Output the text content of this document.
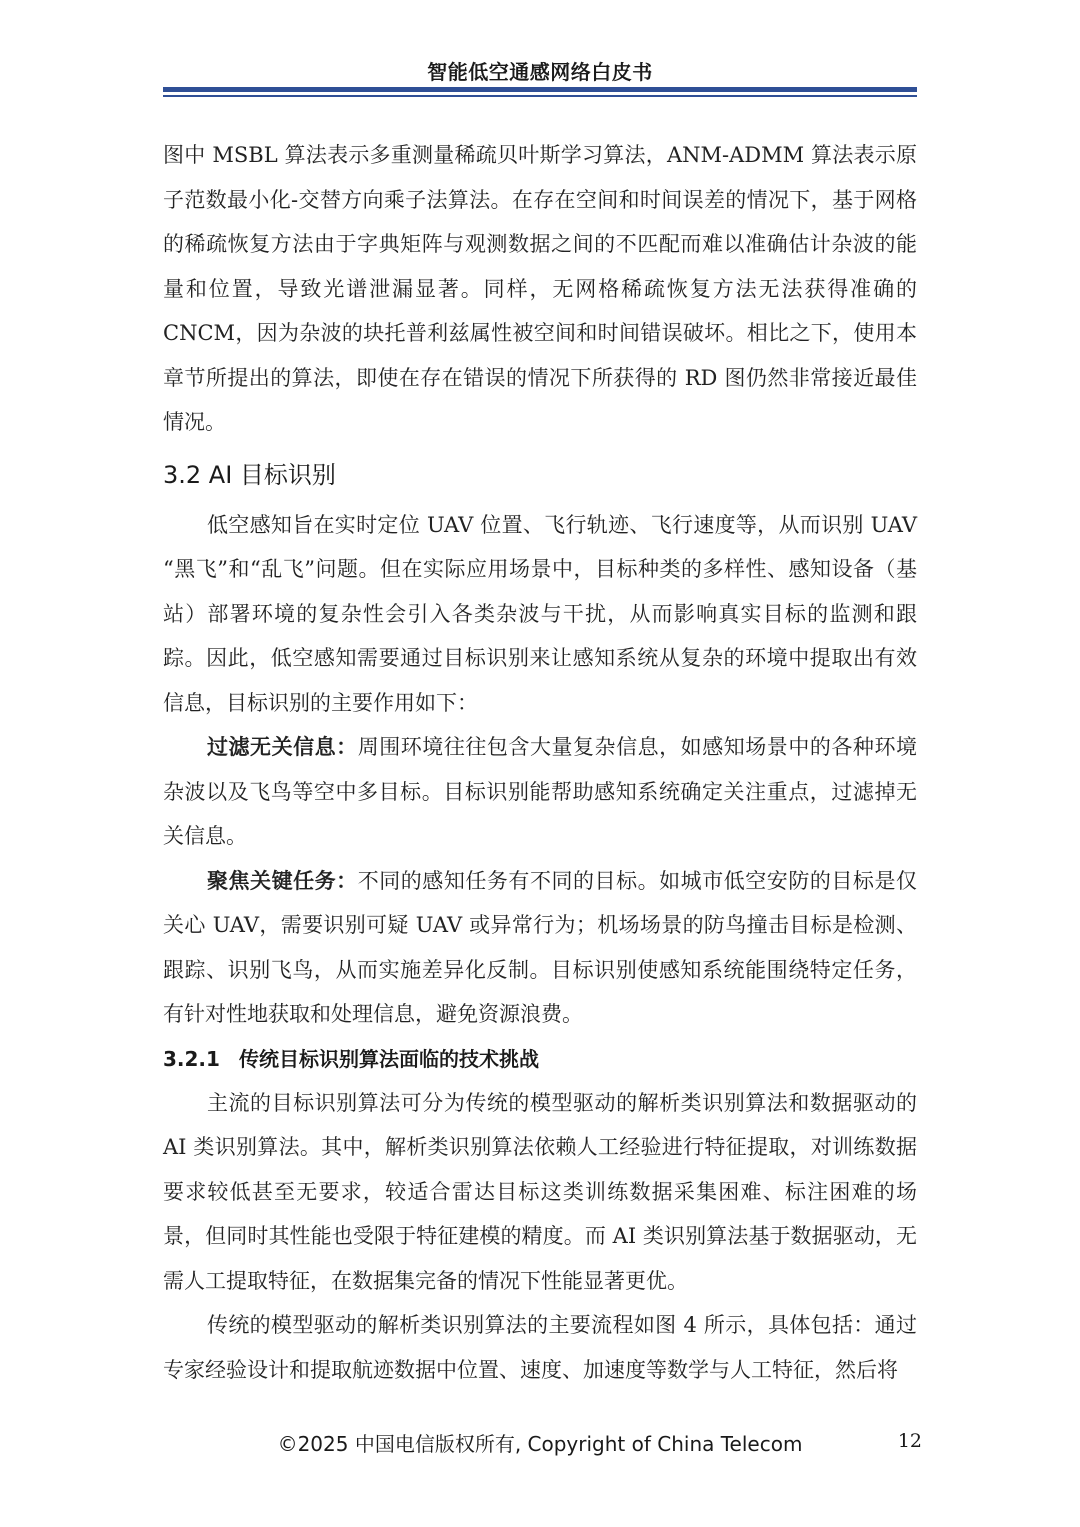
智能低空通感网络白皮书

图中 MSBL 算法表示多重测量稀疏贝叶斯学习算法，ANM-ADMM 算法表示原子范数最小化-交替方向乘子法算法。在存在空间和时间误差的情况下，基于网格的稀疏恢复方法由于字典矩阵与观测数据之间的不匹配而难以准确估计杂波的能量和位置，导致光谱泄漏显著。同样，无网格稀疏恢复方法无法获得准确的 CNCM，因为杂波的块托普利兹属性被空间和时间错误破坏。相比之下，使用本章节所提出的算法，即使在存在错误的情况下所获得的 RD 图仍然非常接近最佳情况。

3.2 AI 目标识别

低空感知旨在实时定位 UAV 位置、飞行轨迹、飞行速度等，从而识别 UAV “黑飞”和“乱飞”问题。但在实际应用场景中，目标种类的多样性、感知设备（基站）部署环境的复杂性会引入各类杂波与干扰，从而影响真实目标的监测和跟踪。因此，低空感知需要通过目标识别来让感知系统从复杂的环境中提取出有效信息，目标识别的主要作用如下：

过滤无关信息：周围环境往往包含大量复杂信息，如感知场景中的各种环境杂波以及飞鸟等空中多目标。目标识别能帮助感知系统确定关注重点，过滤掉无关信息。

聚焦关键任务：不同的感知任务有不同的目标。如城市低空安防的目标是仅关心 UAV，需要识别可疑 UAV 或异常行为；机场场景的防鸟撞击目标是检测、跟踪、识别飞鸟，从而实施差异化反制。目标识别使感知系统能围绕特定任务，有针对性地获取和处理信息，避免资源浪费。

3.2.1 传统目标识别算法面临的技术挑战

主流的目标识别算法可分为传统的模型驱动的解析类识别算法和数据驱动的 AI 类识别算法。其中，解析类识别算法依赖人工经验进行特征提取，对训练数据要求较低甚至无要求，较适合雷达目标这类训练数据采集困难、标注困难的场景，但同时其性能也受限于特征建模的精度。而 AI 类识别算法基于数据驱动，无需人工提取特征，在数据集完备的情况下性能显著更优。

传统的模型驱动的解析类识别算法的主要流程如图 4 所示，具体包括：通过专家经验设计和提取航迹数据中位置、速度、加速度等数学与人工特征，然后将

©2025 中国电信版权所有, Copyright of China Telecom	12
